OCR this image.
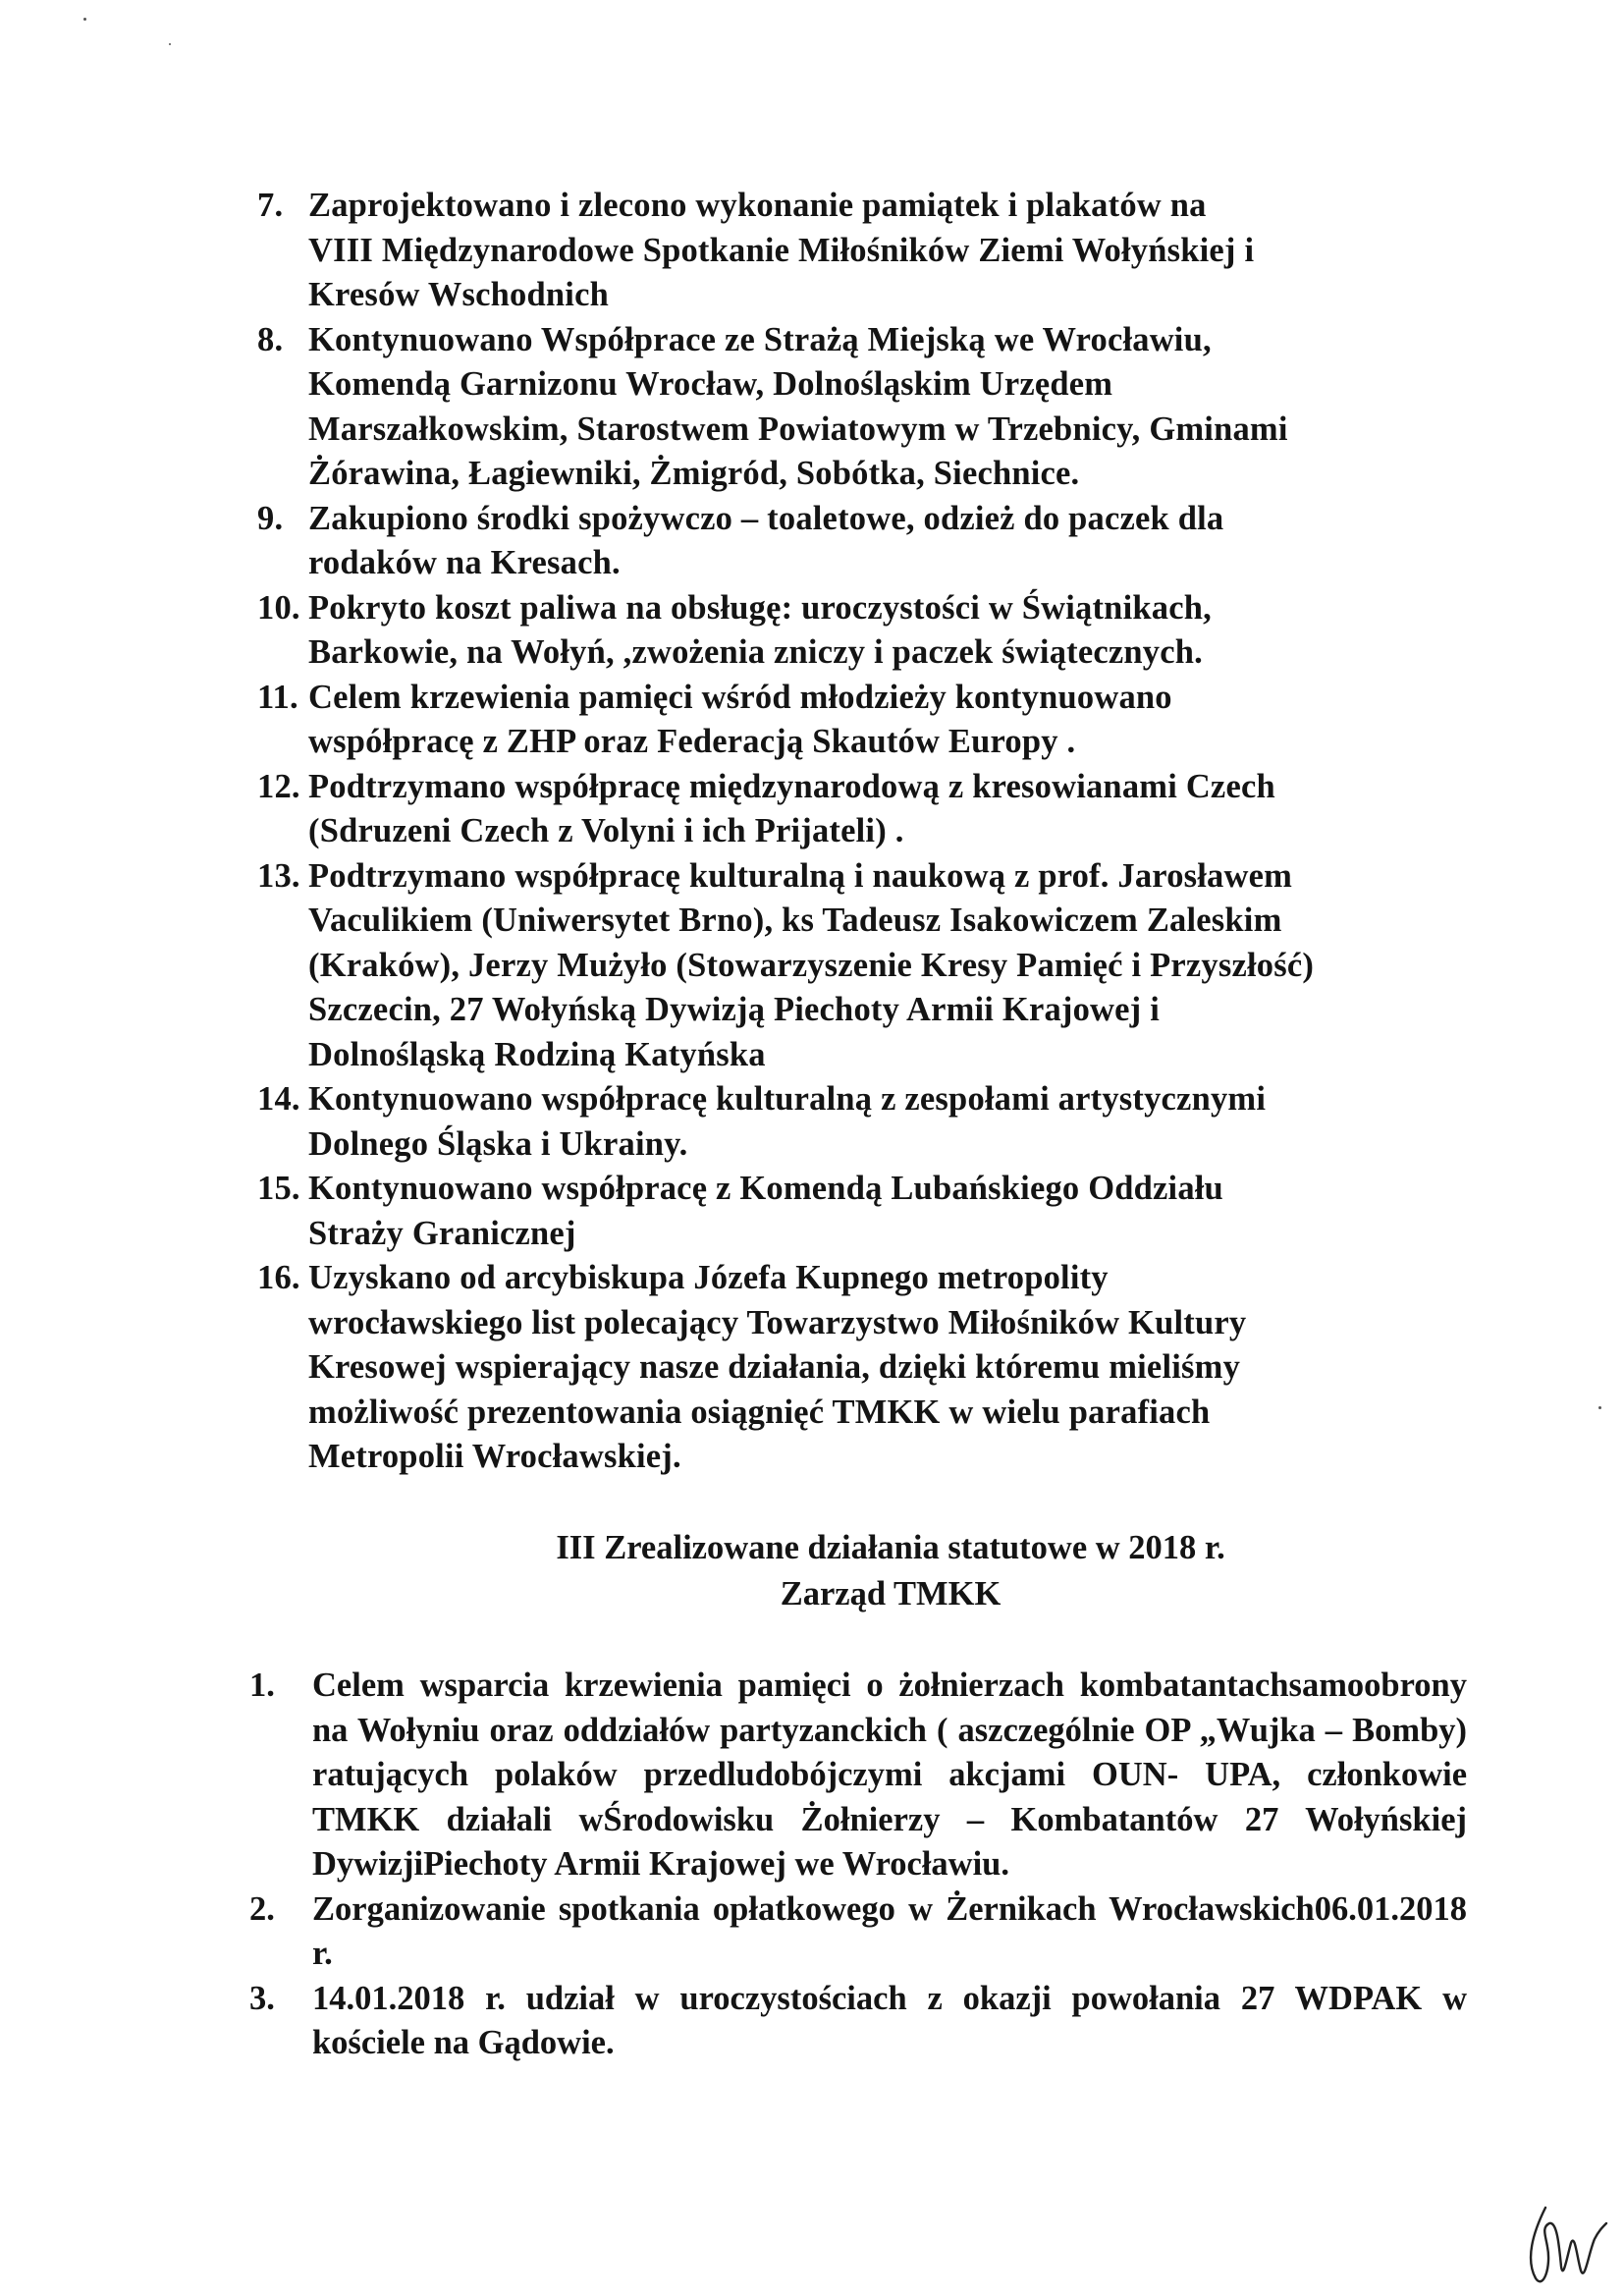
7. Zaprojektowano i zlecono wykonanie pamiątek i plakatów na
VIII Międzynarodowe Spotkanie Miłośników Ziemi Wołyńskiej i
Kresów Wschodnich
8. Kontynuowano Współprace ze Strażą Miejską we Wrocławiu,
Komendą Garnizonu Wrocław, Dolnośląskim Urzędem
Marszałkowskim, Starostwem Powiatowym w Trzebnicy, Gminami
Żórawina, Łagiewniki, Żmigród, Sobótka, Siechnice.
9. Zakupiono środki spożywczo – toaletowe, odzież do paczek dla
rodaków na Kresach.
10. Pokryto koszt paliwa na obsługę: uroczystości w Świątnikach,
Barkowie, na Wołyń, ,zwożenia zniczy i paczek świątecznych.
11. Celem krzewienia pamięci wśród młodzieży kontynuowano
współpracę z ZHP oraz Federacją Skautów Europy .
12. Podtrzymano współpracę międzynarodową z kresowianami Czech
(Sdruzeni Czech z Volyni i ich Prijateli) .
13. Podtrzymano współpracę kulturalną i naukową z prof. Jarosławem
Vaculikiem (Uniwersytet Brno), ks Tadeusz Isakowiczem Zaleskim
(Kraków), Jerzy Mużyło (Stowarzyszenie Kresy Pamięć i Przyszłość)
Szczecin, 27 Wołyńską Dywizją Piechoty Armii Krajowej i
Dolnośląską Rodziną Katyńska
14. Kontynuowano współpracę kulturalną z zespołami artystycznymi
Dolnego Śląska i Ukrainy.
15. Kontynuowano współpracę z Komendą Lubańskiego Oddziału
Straży Granicznej
16. Uzyskano od arcybiskupa Józefa Kupnego metropolity
wrocławskiego list polecający Towarzystwo Miłośników Kultury
Kresowej wspierający nasze działania, dzięki któremu mieliśmy
możliwość prezentowania osiągnięć TMKK w wielu parafiach
Metropolii Wrocławskiej.
III Zrealizowane działania statutowe w 2018 r.
Zarząd TMKK
1. Celem wsparcia krzewienia pamięci o żołnierzach kombatantachsamoobrony na Wołyniu oraz oddziałów partyzanckich ( aszczególnie OP „Wujka – Bomby) ratujących polaków przedludobójczymi akcjami OUN- UPA, członkowie TMKK działali wŚrodowisku Żołnierzy – Kombatantów 27 Wołyńskiej DywizjiPiechoty Armii Krajowej we Wrocławiu.
2. Zorganizowanie spotkania opłatkowego w Żernikach Wrocławskich06.01.2018 r.
3. 14.01.2018 r. udział w uroczystościach z okazji powołania 27 WDPAK w kościele na Gądowie.
